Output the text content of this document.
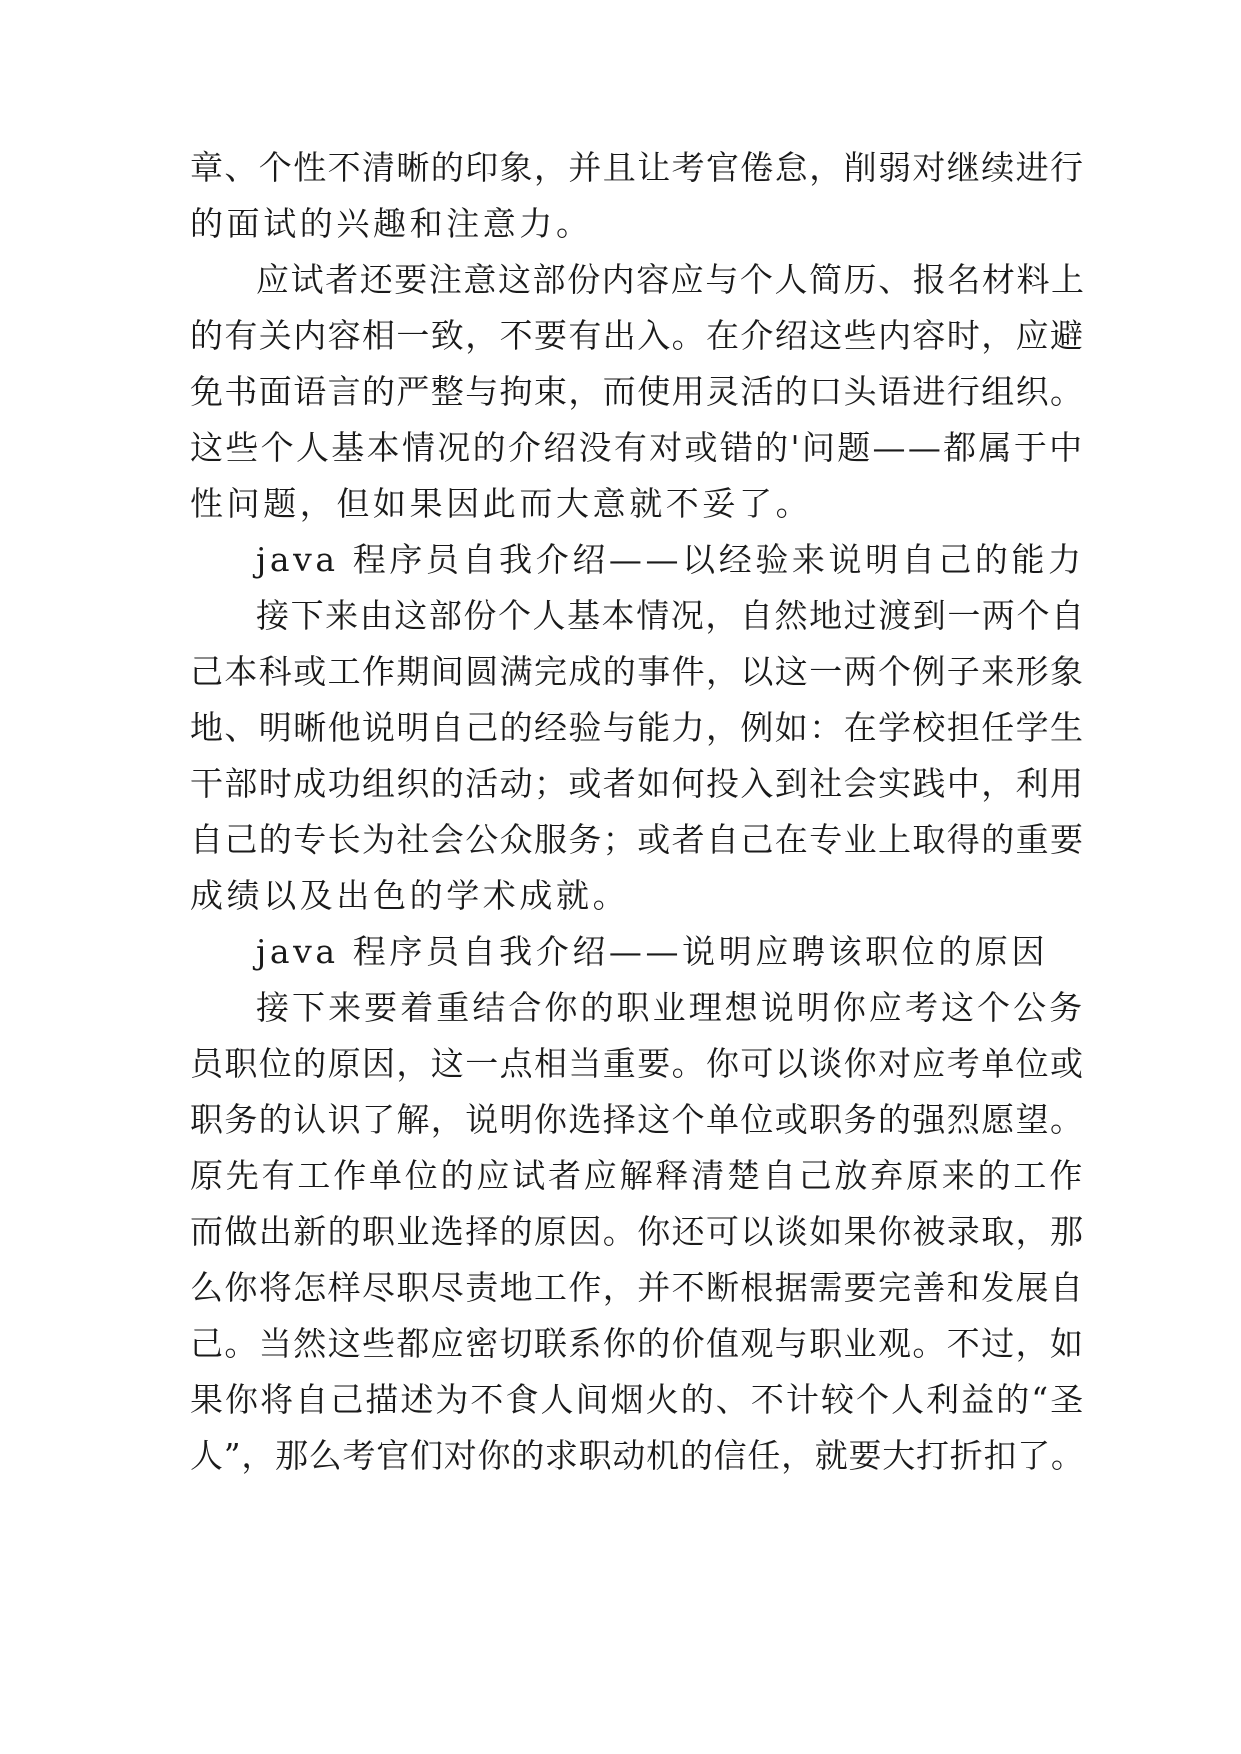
章、个性不清晰的印象，并且让考官倦怠，削弱对继续进行
的面试的兴趣和注意力。
应试者还要注意这部份内容应与个人简历、报名材料上
的有关内容相一致，不要有出入。在介绍这些内容时，应避
免书面语言的严整与拘束，而使用灵活的口头语进行组织。
这些个人基本情况的介绍没有对或错的'问题——都属于中
性问题，但如果因此而大意就不妥了。
java 程序员自我介绍——以经验来说明自己的能力
接下来由这部份个人基本情况，自然地过渡到一两个自
己本科或工作期间圆满完成的事件，以这一两个例子来形象
地、明晰他说明自己的经验与能力，例如：在学校担任学生
干部时成功组织的活动；或者如何投入到社会实践中，利用
自己的专长为社会公众服务；或者自己在专业上取得的重要
成绩以及出色的学术成就。
java 程序员自我介绍——说明应聘该职位的原因
接下来要着重结合你的职业理想说明你应考这个公务
员职位的原因，这一点相当重要。你可以谈你对应考单位或
职务的认识了解，说明你选择这个单位或职务的强烈愿望。
原先有工作单位的应试者应解释清楚自己放弃原来的工作
而做出新的职业选择的原因。你还可以谈如果你被录取，那
么你将怎样尽职尽责地工作，并不断根据需要完善和发展自
己。当然这些都应密切联系你的价值观与职业观。不过，如
果你将自己描述为不食人间烟火的、不计较个人利益的“圣
人”，那么考官们对你的求职动机的信任，就要大打折扣了。
